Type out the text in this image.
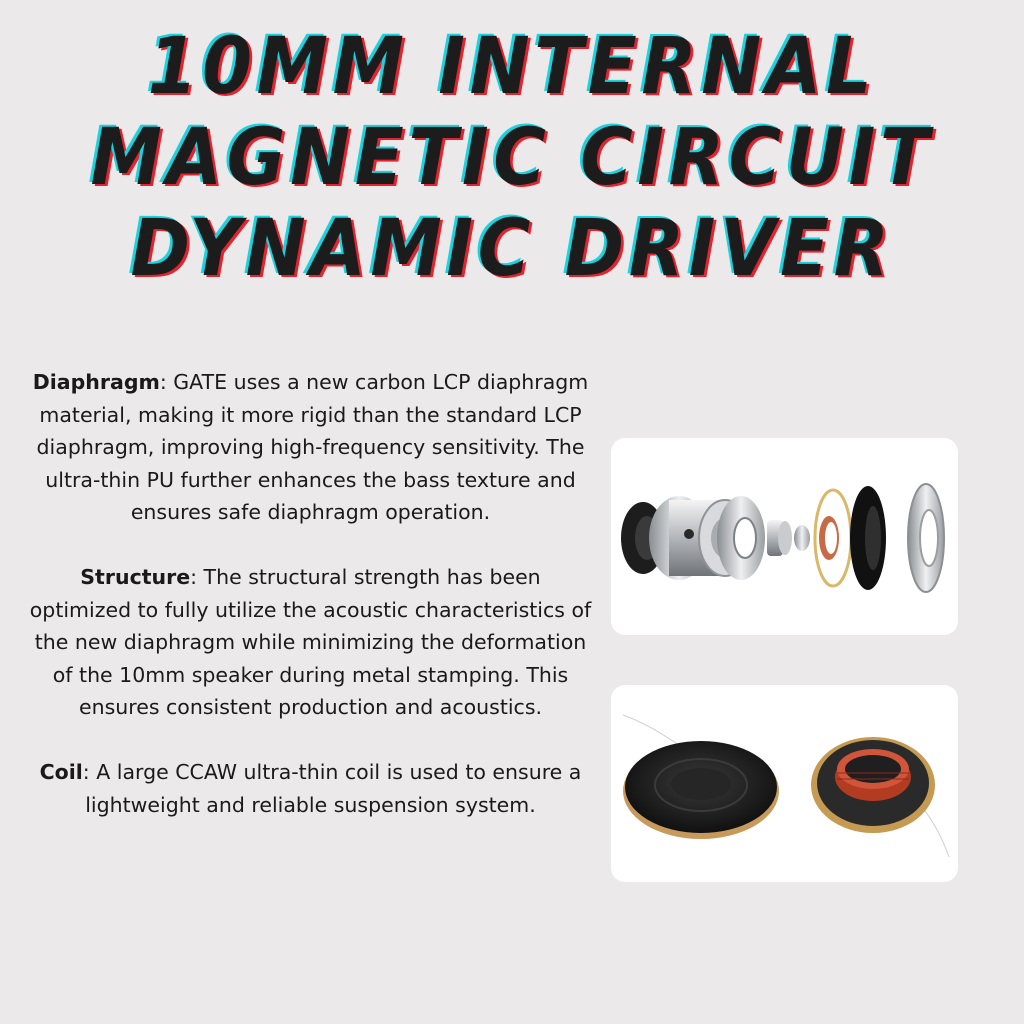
10MM INTERNAL
MAGNETIC CIRCUIT
DYNAMIC DRIVER

Diaphragm: GATE uses a new carbon LCP diaphragm material, making it more rigid than the standard LCP diaphragm, improving high-frequency sensitivity. The ultra-thin PU further enhances the bass texture and ensures safe diaphragm operation.

Structure: The structural strength has been optimized to fully utilize the acoustic characteristics of the new diaphragm while minimizing the deformation of the 10mm speaker during metal stamping. This ensures consistent production and acoustics.

Coil: A large CCAW ultra-thin coil is used to ensure a lightweight and reliable suspension system.
